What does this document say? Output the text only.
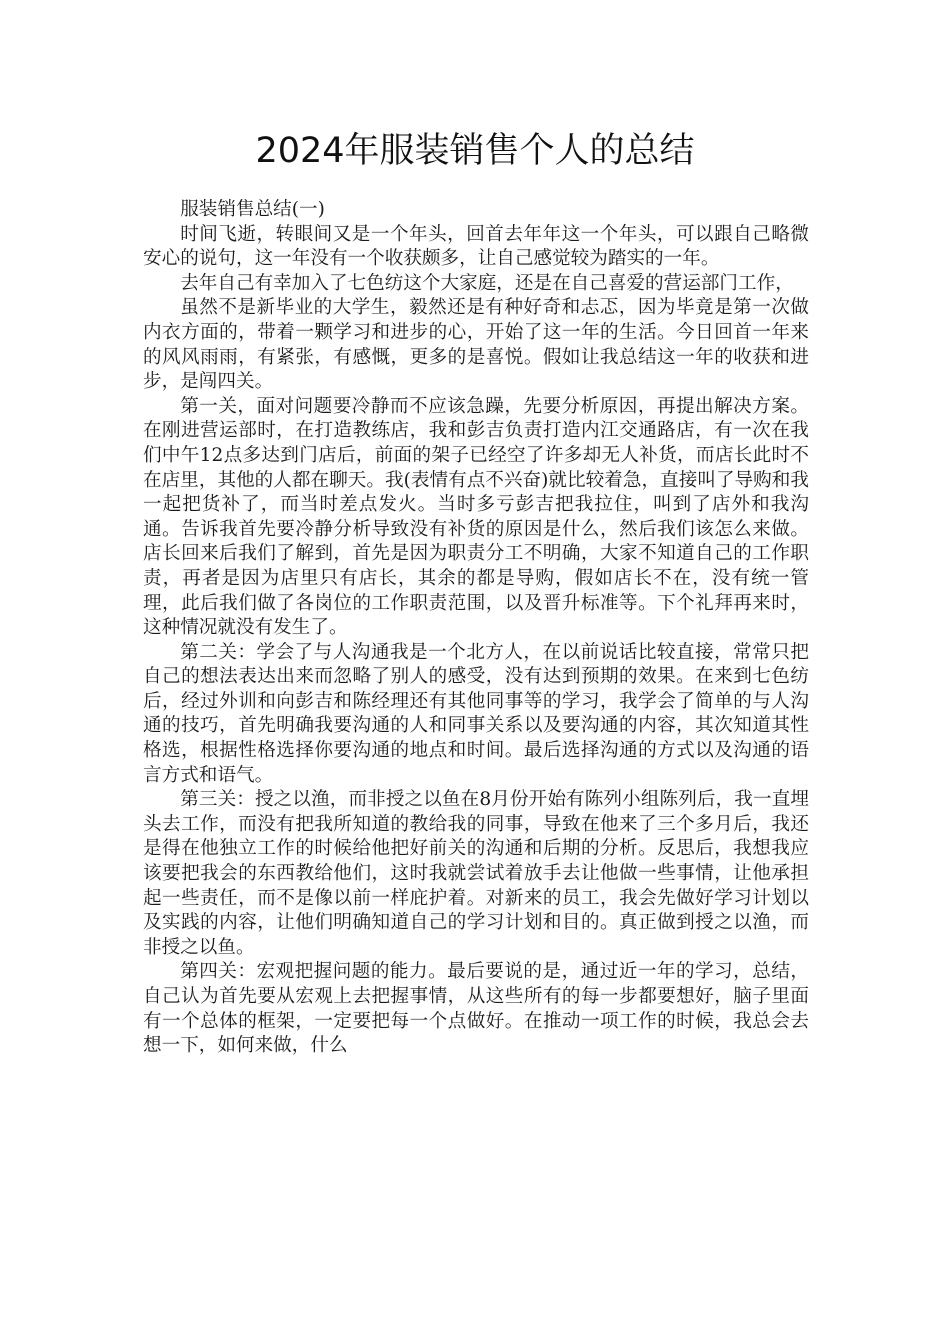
2024年服装销售个人的总结

服装销售总结(一)

时间飞逝，转眼间又是一个年头，回首去年年这一个年头，可以跟自己略微安心的说句，这一年没有一个收获颇多，让自己感觉较为踏实的一年。

去年自己有幸加入了七色纺这个大家庭，还是在自己喜爱的营运部门工作，

虽然不是新毕业的大学生，毅然还是有种好奇和忐忑，因为毕竟是第一次做内衣方面的，带着一颗学习和进步的心，开始了这一年的生活。今日回首一年来的风风雨雨，有紧张，有感慨，更多的是喜悦。假如让我总结这一年的收获和进步，是闯四关。

第一关，面对问题要冷静而不应该急躁，先要分析原因，再提出解决方案。在刚进营运部时，在打造教练店，我和彭吉负责打造内江交通路店，有一次在我们中午12点多达到门店后，前面的架子已经空了许多却无人补货，而店长此时不在店里，其他的人都在聊天。我(表情有点不兴奋)就比较着急，直接叫了导购和我一起把货补了，而当时差点发火。当时多亏彭吉把我拉住，叫到了店外和我沟通。告诉我首先要冷静分析导致没有补货的原因是什么，然后我们该怎么来做。店长回来后我们了解到，首先是因为职责分工不明确，大家不知道自己的工作职责，再者是因为店里只有店长，其余的都是导购，假如店长不在，没有统一管理，此后我们做了各岗位的工作职责范围，以及晋升标准等。下个礼拜再来时，这种情况就没有发生了。

第二关：学会了与人沟通我是一个北方人，在以前说话比较直接，常常只把自己的想法表达出来而忽略了别人的感受，没有达到预期的效果。在来到七色纺后，经过外训和向彭吉和陈经理还有其他同事等的学习，我学会了简单的与人沟通的技巧，首先明确我要沟通的人和同事关系以及要沟通的内容，其次知道其性格选，根据性格选择你要沟通的地点和时间。最后选择沟通的方式以及沟通的语言方式和语气。

第三关：授之以渔，而非授之以鱼在8月份开始有陈列小组陈列后，我一直埋头去工作，而没有把我所知道的教给我的同事，导致在他来了三个多月后，我还是得在他独立工作的时候给他把好前关的沟通和后期的分析。反思后，我想我应该要把我会的东西教给他们，这时我就尝试着放手去让他做一些事情，让他承担起一些责任，而不是像以前一样庇护着。对新来的员工，我会先做好学习计划以及实践的内容，让他们明确知道自己的学习计划和目的。真正做到授之以渔，而非授之以鱼。

第四关：宏观把握问题的能力。最后要说的是，通过近一年的学习，总结，自己认为首先要从宏观上去把握事情，从这些所有的每一步都要想好，脑子里面有一个总体的框架，一定要把每一个点做好。在推动一项工作的时候，我总会去想一下，如何来做，什么
